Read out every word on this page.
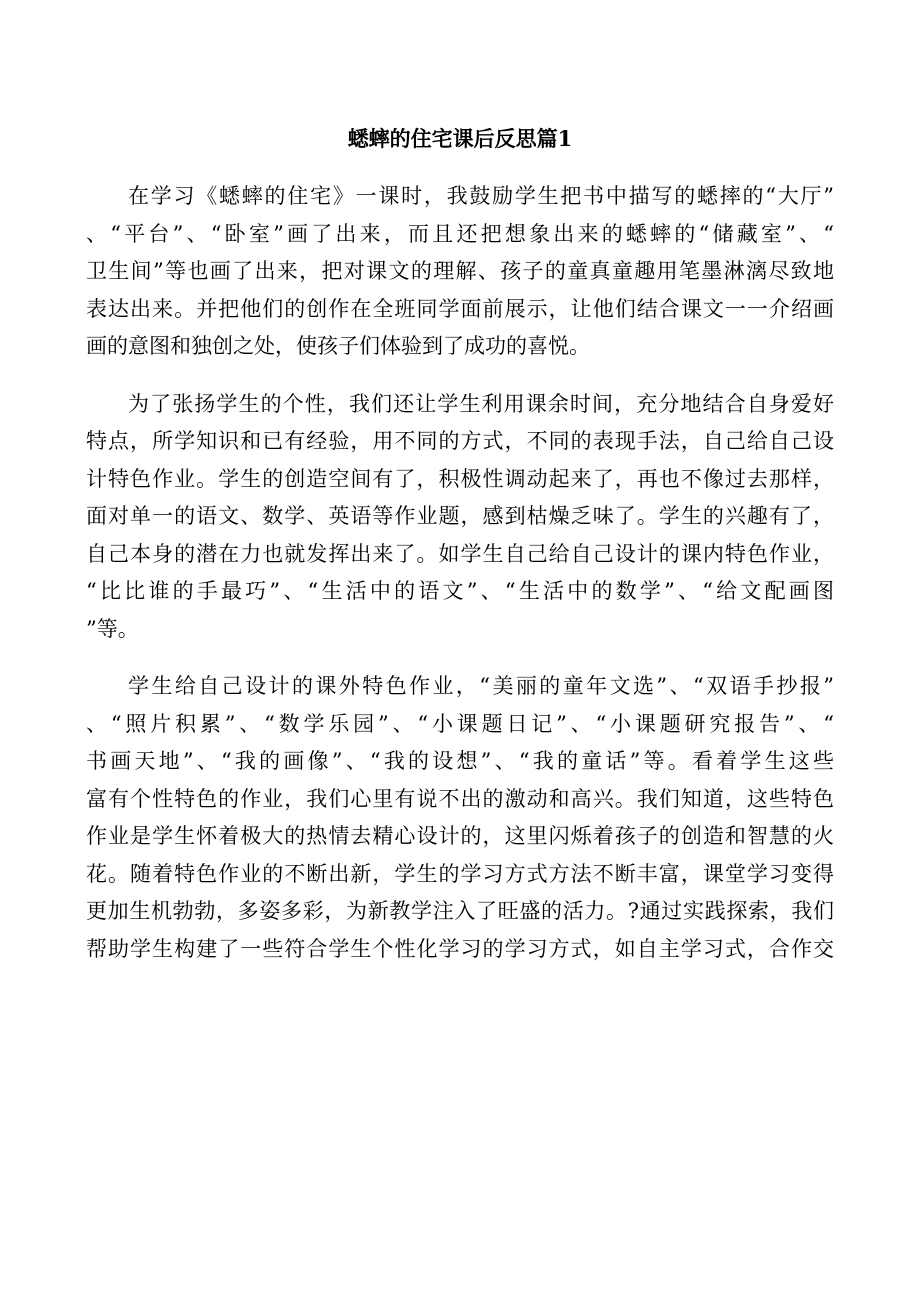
蟋蟀的住宅课后反思篇1
在学习《蟋蟀的住宅》一课时，我鼓励学生把书中描写的蟋摔的“大厅”
、“平台”、“卧室”画了出来，而且还把想象出来的蟋蟀的“储藏室”、“
卫生间”等也画了出来，把对课文的理解、孩子的童真童趣用笔墨淋漓尽致地
表达出来。并把他们的创作在全班同学面前展示，让他们结合课文一一介绍画
画的意图和独创之处，使孩子们体验到了成功的喜悦。
为了张扬学生的个性，我们还让学生利用课余时间，充分地结合自身爱好
特点，所学知识和已有经验，用不同的方式，不同的表现手法，自己给自己设
计特色作业。学生的创造空间有了，积极性调动起来了，再也不像过去那样，
面对单一的语文、数学、英语等作业题，感到枯燥乏味了。学生的兴趣有了，
自己本身的潜在力也就发挥出来了。如学生自己给自己设计的课内特色作业，
“比比谁的手最巧”、“生活中的语文”、“生活中的数学”、“给文配画图
”等。
学生给自己设计的课外特色作业，“美丽的童年文选”、“双语手抄报”
、“照片积累”、“数学乐园”、“小课题日记”、“小课题研究报告”、“
书画天地”、“我的画像”、“我的设想”、“我的童话”等。看着学生这些
富有个性特色的作业，我们心里有说不出的激动和高兴。我们知道，这些特色
作业是学生怀着极大的热情去精心设计的，这里闪烁着孩子的创造和智慧的火
花。随着特色作业的不断出新，学生的学习方式方法不断丰富，课堂学习变得
更加生机勃勃，多姿多彩，为新教学注入了旺盛的活力。?通过实践探索，我们
帮助学生构建了一些符合学生个性化学习的学习方式，如自主学习式，合作交
